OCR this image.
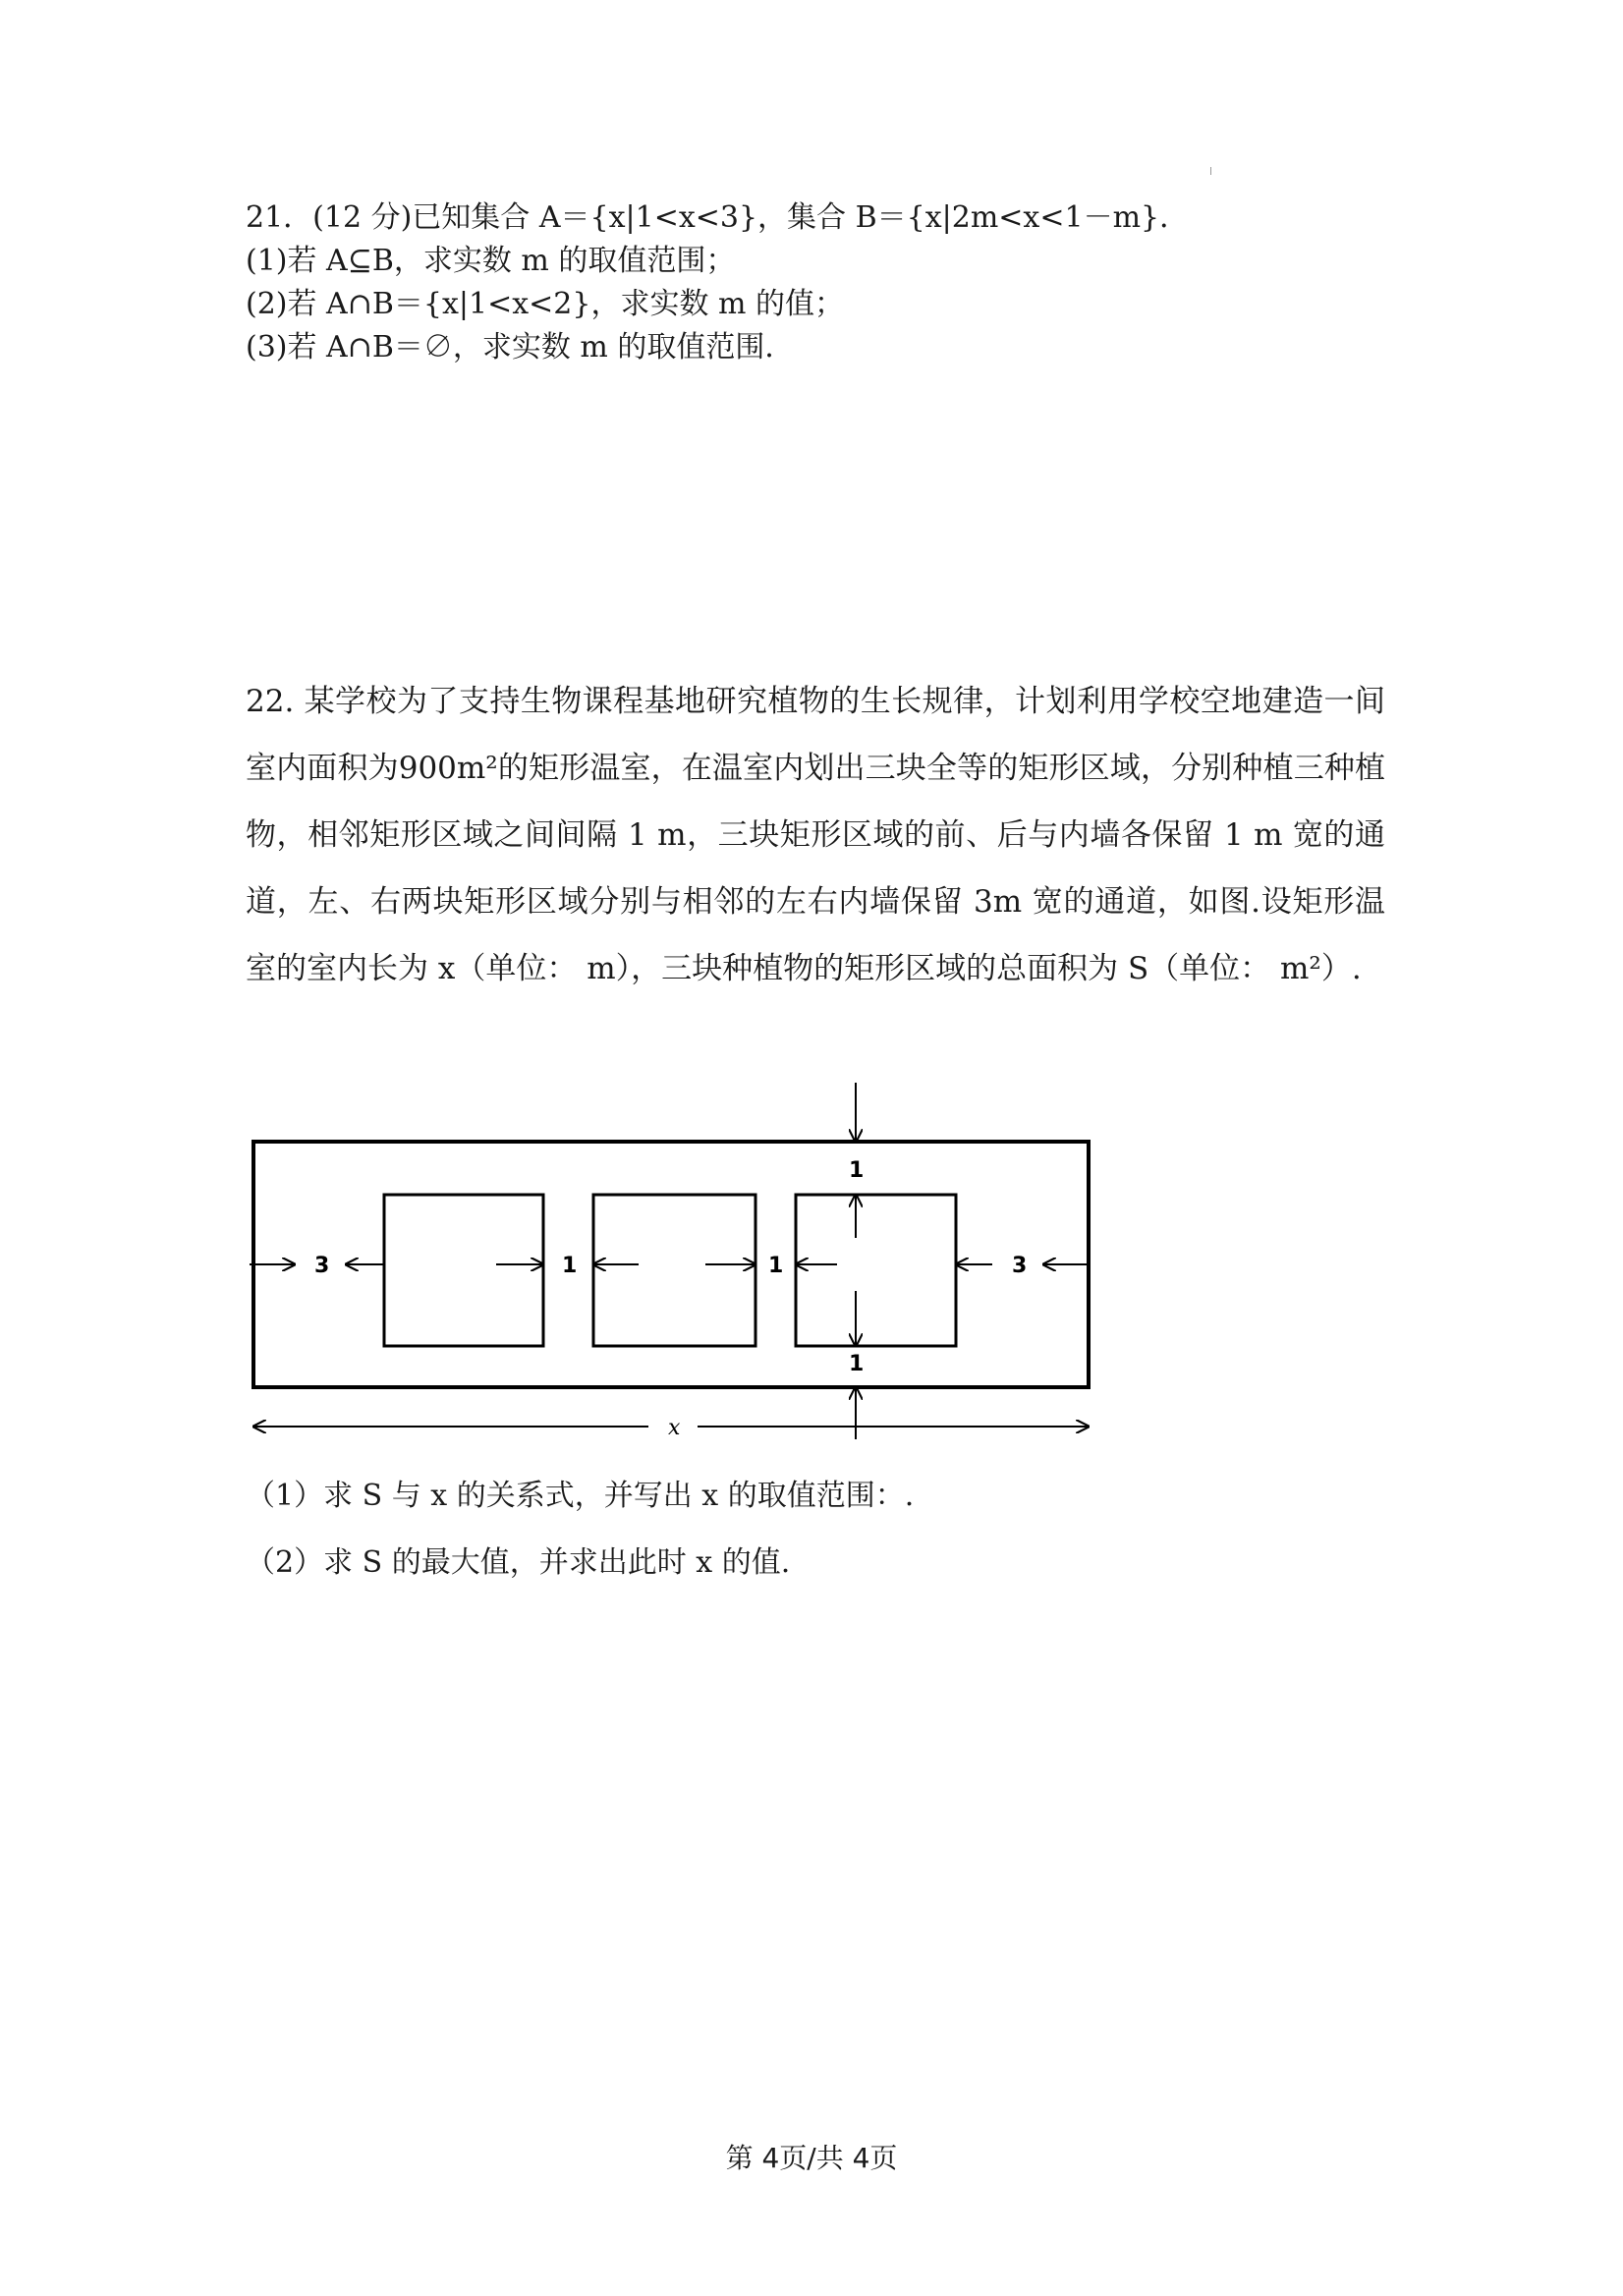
21．(12 分)已知集合 A＝{x|1<x<3}，集合 B＝{x|2m<x<1－m}．
(1)若 A⊆B，求实数 m 的取值范围；
(2)若 A∩B＝{x|1<x<2}，求实数 m 的值；
(3)若 A∩B＝∅，求实数 m 的取值范围．

22. 某学校为了支持生物课程基地研究植物的生长规律，计划利用学校空地建造一间室内面积为900m²的矩形温室，在温室内划出三块全等的矩形区域，分别种植三种植物，相邻矩形区域之间间隔 1 m，三块矩形区域的前、后与内墙各保留 1 m 宽的通道，左、右两块矩形区域分别与相邻的左右内墙保留 3m 宽的通道，如图.设矩形温室的室内长为 x（单位： m），三块种植物的矩形区域的总面积为 S（单位： m²）.

3	1	1	3
1
1
x
（1）求 S 与 x 的关系式，并写出 x 的取值范围：.
（2）求 S 的最大值，并求出此时 x 的值.
第 4页/共 4页
